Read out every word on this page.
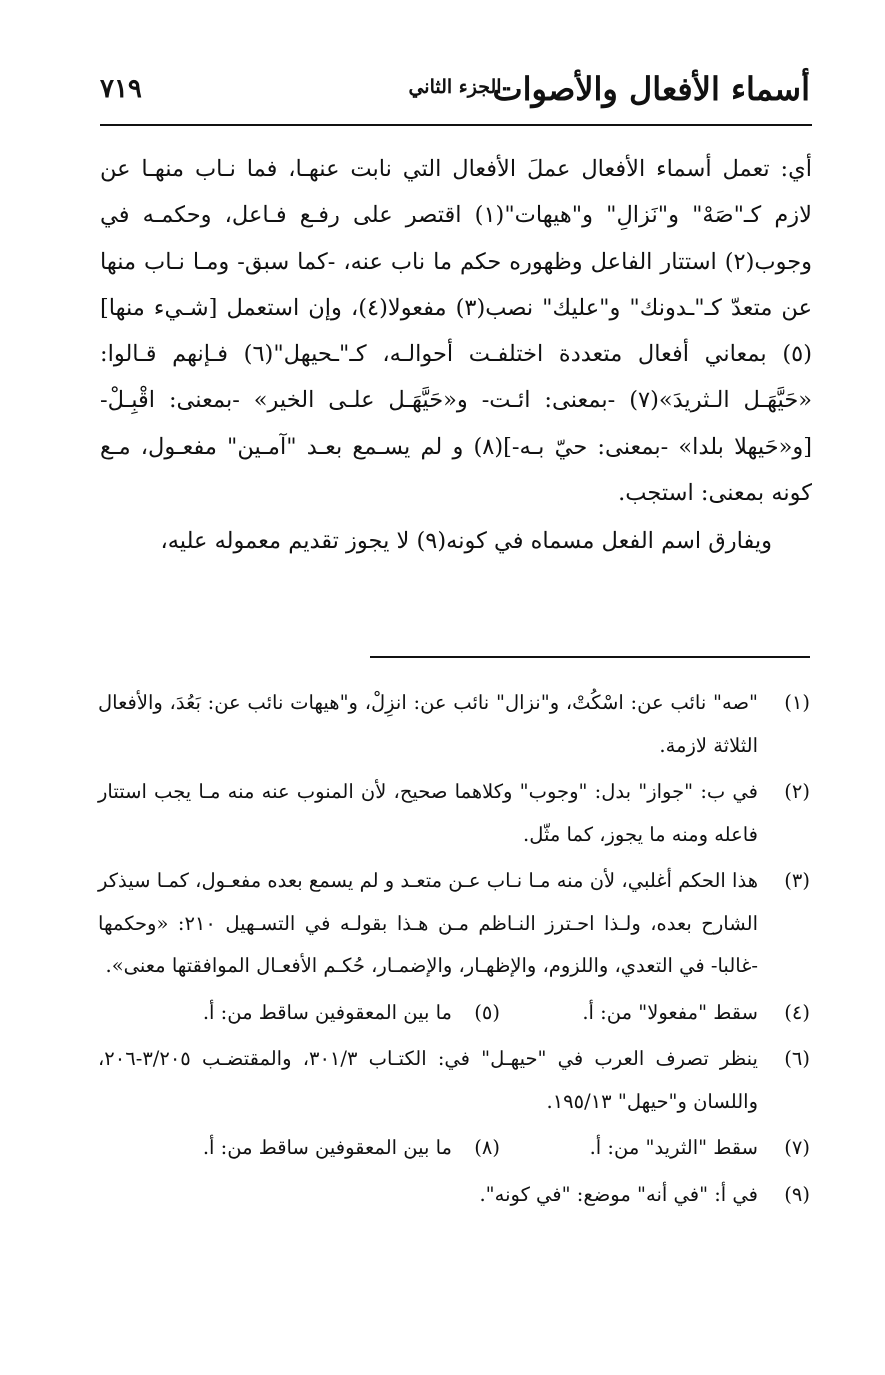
أسماء الأفعال والأصوات
الجزء الثاني
٧١٩

أي: تعمل أسماء الأفعال عملَ الأفعال التي نابت عنهـا، فما نـاب منهـا عن لازم كـ"صَهْ" و"نَزالِ" و"هيهات"(١) اقتصر على رفـع فـاعل، وحكمـه في وجوب(٢) استتار الفاعل وظهوره حكم ما ناب عنه، -كما سبق- ومـا نـاب منها عن متعدّ كـ"ـدونك" و"عليك" نصب(٣) مفعولا(٤)، وإن استعمل [شـيء منها](٥) بمعاني أفعال متعددة اختلفـت أحوالـه، كـ"ـحيهل"(٦) فـإنهم قـالوا: «حَيَّهَـل الـثريدَ»(٧) -بمعنى: ائـت- و«حَيَّهَـل علـى الخير» -بمعنى: اقْبِـلْ- [و«حَيهلا بلدا» -بمعنى: حيّ بـه-](٨) و لم يسـمع بعـد "آمـين" مفعـول، مـع كونه بمعنى: استجب.

ويفارق اسم الفعل مسماه في كونه(٩) لا يجوز تقديم معموله عليه،

(١)
"صه" نائب عن: اسْكُتْ، و"نزال" نائب عن: انزِلْ، و"هيهات نائب عن: بَعُدَ، والأفعال الثلاثة لازمة.
(٢)
في ب: "جواز" بدل: "وجوب" وكلاهما صحيح، لأن المنوب عنه منه مـا يجب استتار فاعله ومنه ما يجوز، كما مثّل.
(٣)
هذا الحكم أغلبي، لأن منه مـا نـاب عـن متعـد و لم يسمع بعده مفعـول، كمـا سيذكر الشارح بعده، ولـذا احـترز النـاظم مـن هـذا بقولـه في التسـهيل ٢١٠: «وحكمها -غالبا- في التعدي، واللزوم، والإظهـار، والإضمـار، حُكـم الأفعـال الموافقتها معنى».
(٤)
سقط "مفعولا" من: أ.
(٥)
ما بين المعقوفين ساقط من: أ.
(٦)
ينظر تصرف العرب في "حيهـل" في: الكتـاب ٣٠١/٣، والمقتضـب ٣/٢٠٥-٢٠٦، واللسان و"حيهل" ١٩٥/١٣.
(٧)
سقط "الثريد" من: أ.
(٨)
ما بين المعقوفين ساقط من: أ.
(٩)
في أ: "في أنه" موضع: "في كونه".
